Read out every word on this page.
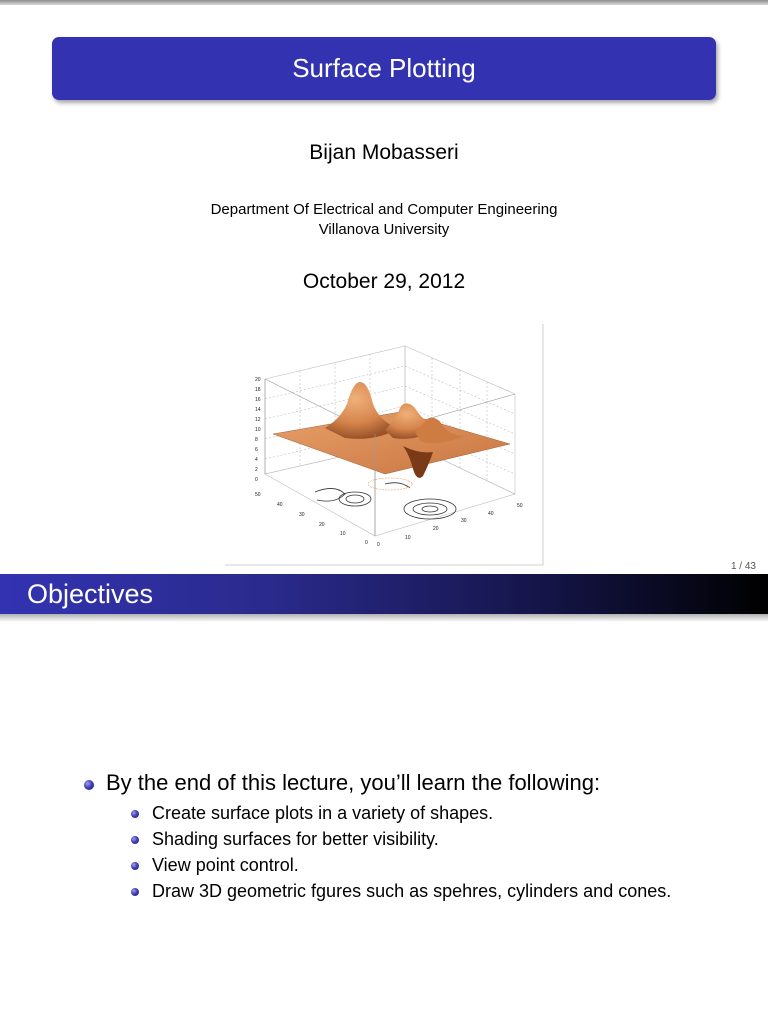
Surface Plotting
Bijan Mobasseri
Department Of Electrical and Computer Engineering
Villanova University
October 29, 2012
20
18
16
14
12
10
8
6
4
2
0
50
40
30
20
10
0 0
10
20
30
40
50
1 / 43
Objectives
By the end of this lecture, you’ll learn the following:
Create surface plots in a variety of shapes.
Shading surfaces for better visibility.
View point control.
Draw 3D geometric fgures such as spehres, cylinders and cones.
